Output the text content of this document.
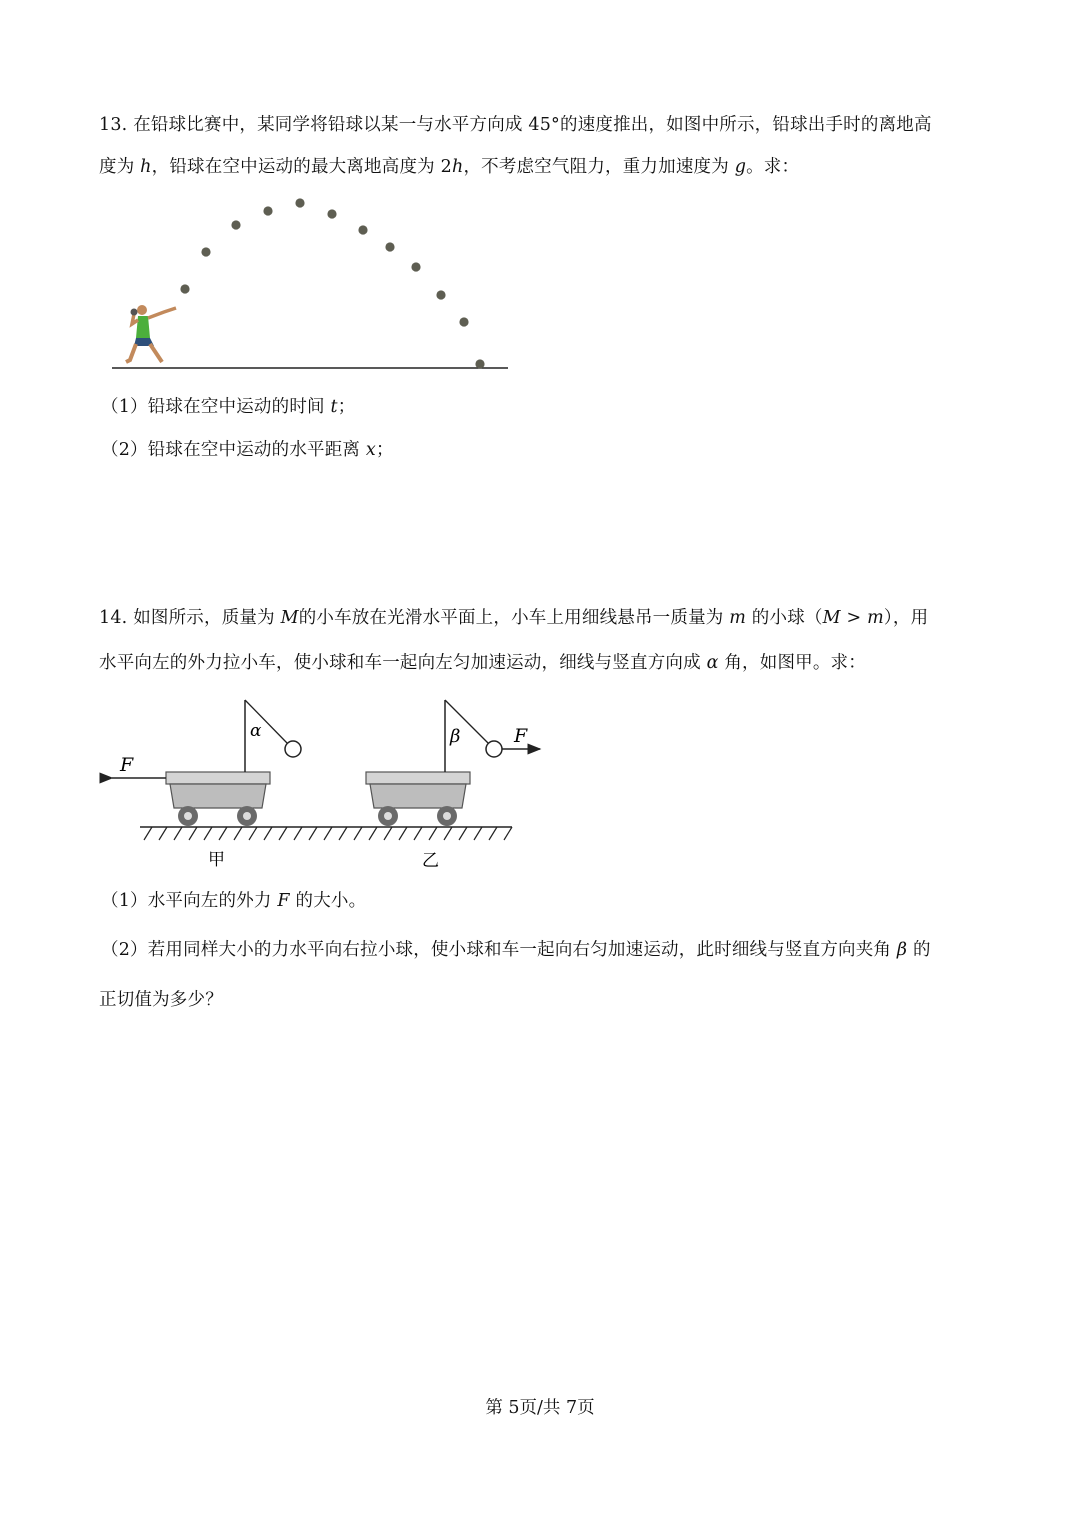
13. 在铅球比赛中，某同学将铅球以某一与水平方向成 45°的速度推出，如图中所示，铅球出手时的离地高
度为 h，铅球在空中运动的最大离地高度为 2h，不考虑空气阻力，重力加速度为 g。求：
（1）铅球在空中运动的时间 t；
（2）铅球在空中运动的水平距离 x；
14. 如图所示，质量为 M的小车放在光滑水平面上，小车上用细线悬吊一质量为 m 的小球（M > m），用
水平向左的外力拉小车，使小球和车一起向左匀加速运动，细线与竖直方向成 α 角，如图甲。求：
F
α	β	F
甲	乙
（1）水平向左的外力 F 的大小。
（2）若用同样大小的力水平向右拉小球，使小球和车一起向右匀加速运动，此时细线与竖直方向夹角 β 的
正切值为多少？
第 5页/共 7页
